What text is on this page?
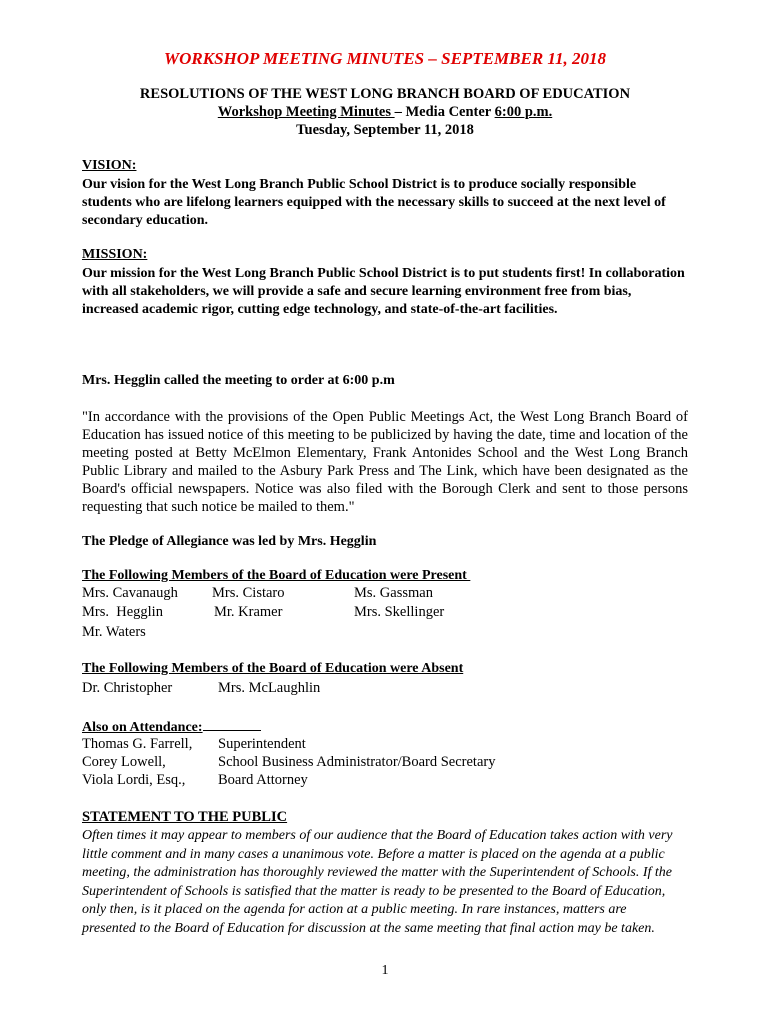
WORKSHOP MEETING MINUTES – SEPTEMBER 11, 2018
RESOLUTIONS OF THE WEST LONG BRANCH BOARD OF EDUCATION
Workshop Meeting Minutes – Media Center 6:00 p.m.
Tuesday, September 11, 2018
VISION:
Our vision for the West Long Branch Public School District is to produce socially responsible students who are lifelong learners equipped with the necessary skills to succeed at the next level of secondary education.
MISSION:
Our mission for the West Long Branch Public School District is to put students first! In collaboration with all stakeholders, we will provide a safe and secure learning environment free from bias, increased academic rigor, cutting edge technology, and state-of-the-art facilities.
Mrs. Hegglin called the meeting to order at 6:00 p.m
"In accordance with the provisions of the Open Public Meetings Act, the West Long Branch Board of Education has issued notice of this meeting to be publicized by having the date, time and location of the meeting posted at Betty McElmon Elementary, Frank Antonides School and the West Long Branch Public Library and mailed to the Asbury Park Press and The Link, which have been designated as the Board's official newspapers. Notice was also filed with the Borough Clerk and sent to those persons requesting that such notice be mailed to them."
The Pledge of Allegiance was led by Mrs. Hegglin
The Following Members of the Board of Education were Present
Mrs. Cavanaugh Mrs. Cistaro	Ms. Gassman
Mrs.  Hegglin	Mr. Kramer	Mrs. Skellinger
Mr. Waters
The Following Members of the Board of Education were Absent
Dr. Christopher	Mrs. McLaughlin
Also on Attendance:
Thomas G. Farrell, Superintendent
Corey Lowell,	School Business Administrator/Board Secretary
Viola Lordi, Esq., Board Attorney
STATEMENT TO THE PUBLIC
Often times it may appear to members of our audience that the Board of Education takes action with very little comment and in many cases a unanimous vote. Before a matter is placed on the agenda at a public meeting, the administration has thoroughly reviewed the matter with the Superintendent of Schools. If the Superintendent of Schools is satisfied that the matter is ready to be presented to the Board of Education, only then, is it placed on the agenda for action at a public meeting. In rare instances, matters are presented to the Board of Education for discussion at the same meeting that final action may be taken.
1
